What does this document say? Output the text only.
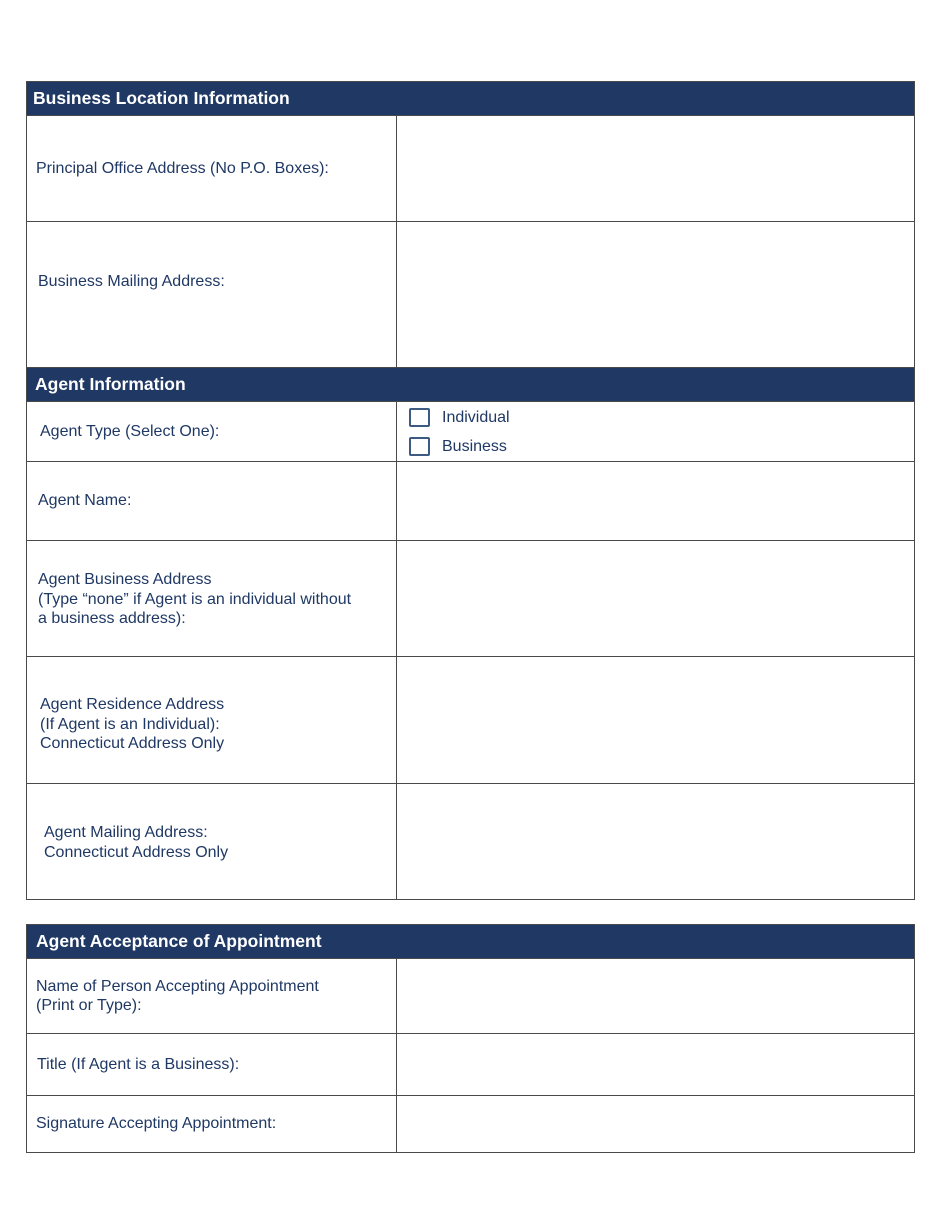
Business Location Information
Principal Office Address (No P.O. Boxes):
Business Mailing Address:
Agent Information
Agent Type (Select One):
Individual
Business
Agent Name:
Agent Business Address
(Type “none” if Agent is an individual without
a business address):
Agent Residence Address
(If Agent is an Individual):
Connecticut Address Only
Agent Mailing Address:
Connecticut Address Only
Agent Acceptance of Appointment
Name of Person Accepting Appointment
(Print or Type):
Title (If Agent is a Business):
Signature Accepting Appointment:
